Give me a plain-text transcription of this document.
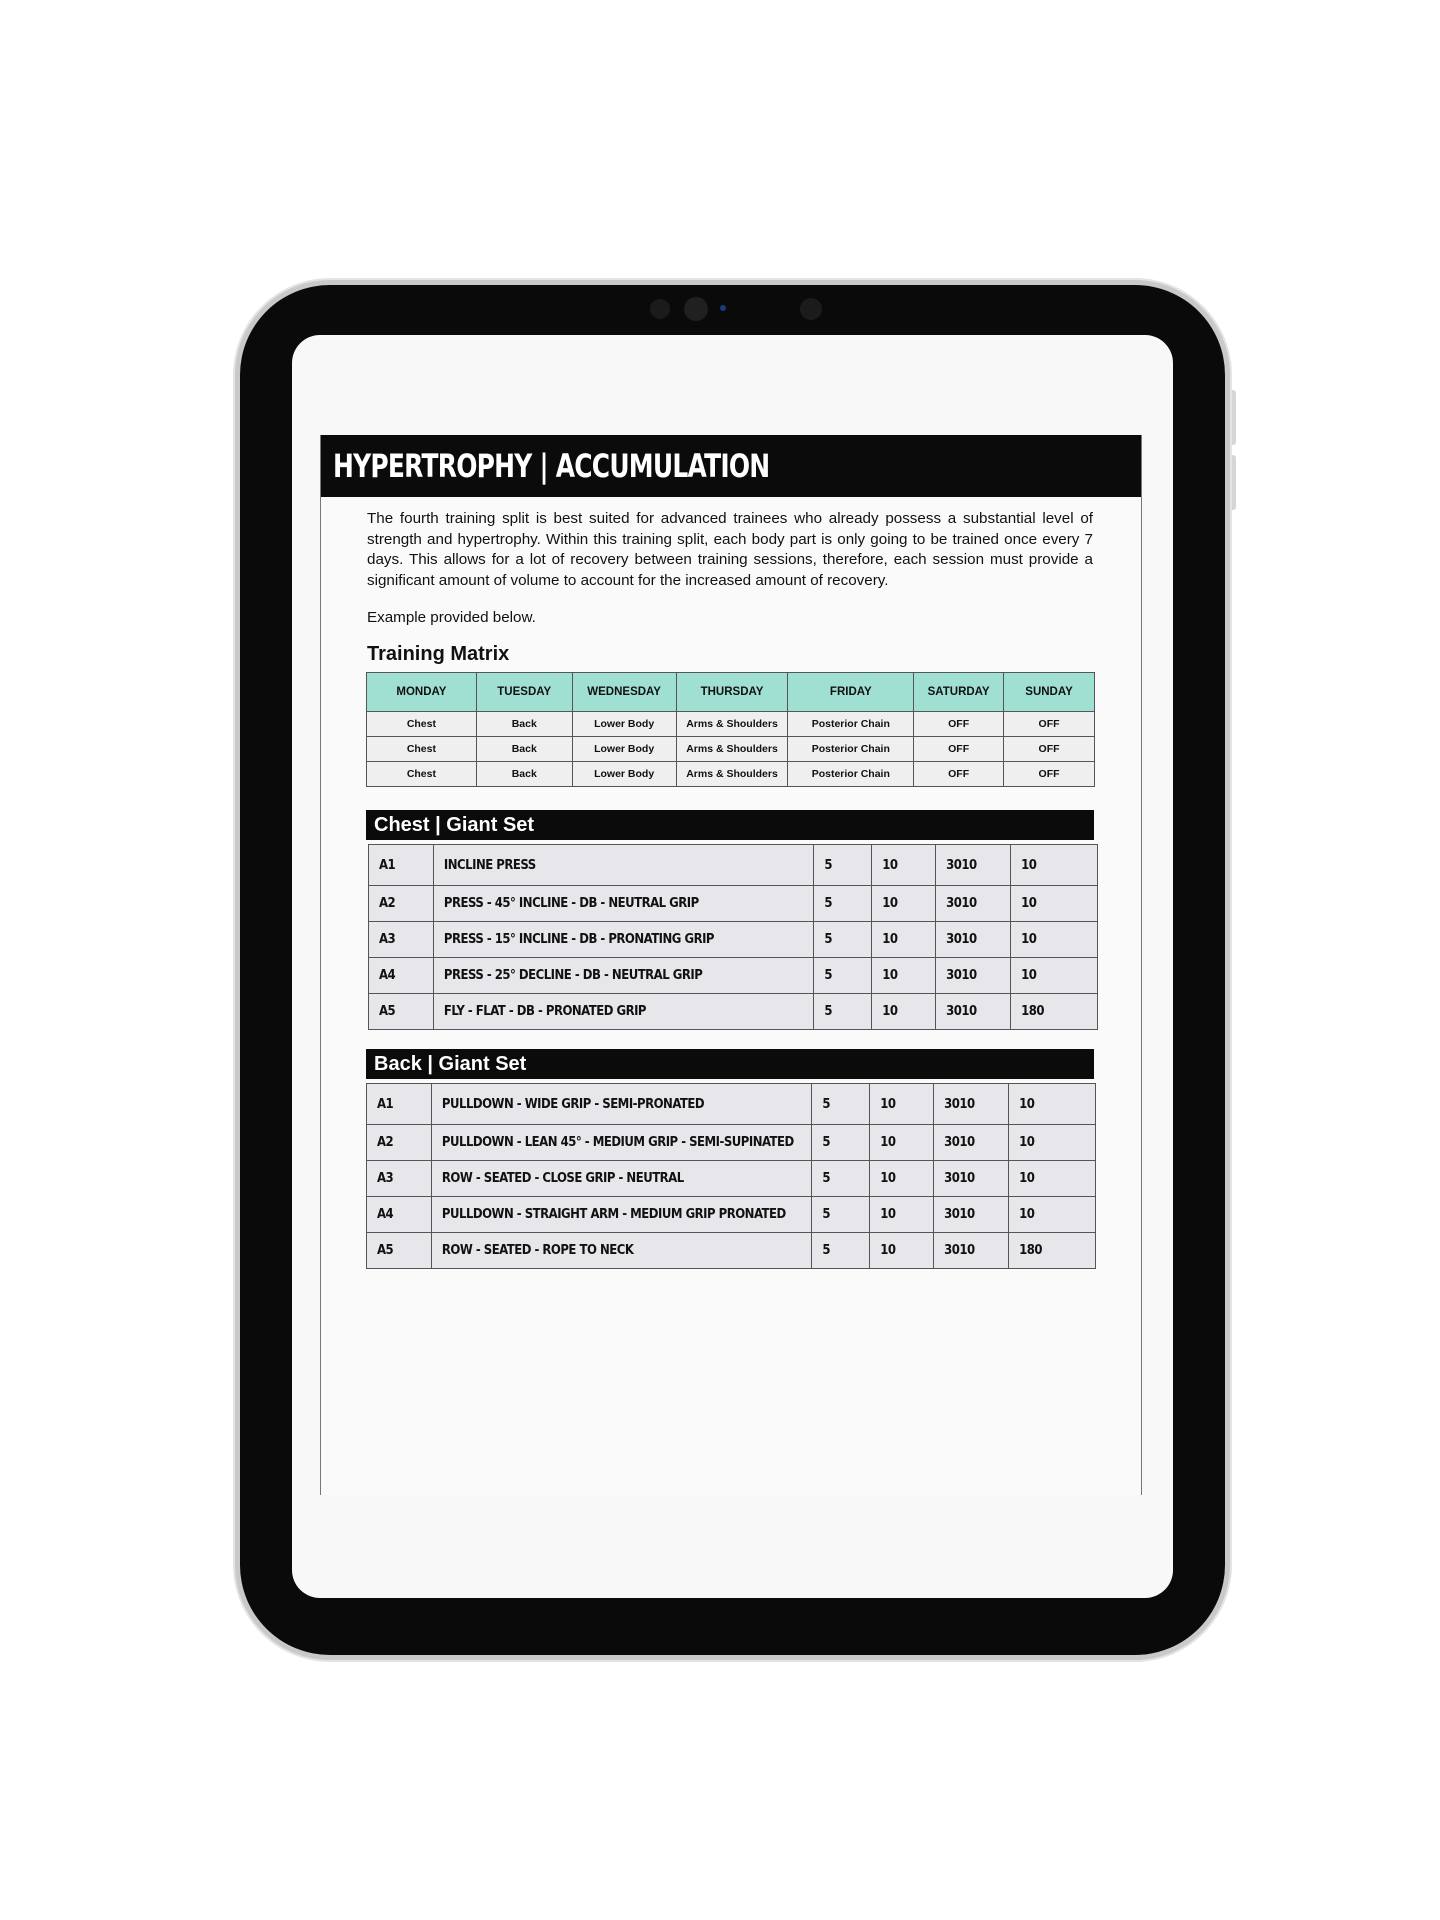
HYPERTROPHY | ACCUMULATION

The fourth training split is best suited for advanced trainees who already possess a substantial level of strength and hypertrophy. Within this training split, each body part is only going to be trained once every 7 days. This allows for a lot of recovery between training sessions, therefore, each session must provide a significant amount of volume to account for the increased amount of recovery.

Example provided below.

Training Matrix
MONDAY	TUESDAY	WEDNESDAY	THURSDAY	FRIDAY	SATURDAY	SUNDAY
Chest	Back	Lower Body	Arms & Shoulders	Posterior Chain	OFF	OFF
Chest	Back	Lower Body	Arms & Shoulders	Posterior Chain	OFF	OFF
Chest	Back	Lower Body	Arms & Shoulders	Posterior Chain	OFF	OFF
Chest | Giant Set
A1	INCLINE PRESS	5	10	3010	10
A2	PRESS - 45° INCLINE - DB - NEUTRAL GRIP	5	10	3010	10
A3	PRESS - 15° INCLINE - DB - PRONATING GRIP	5	10	3010	10
A4	PRESS - 25° DECLINE - DB - NEUTRAL GRIP	5	10	3010	10
A5	FLY - FLAT - DB - PRONATED GRIP	5	10	3010	180
Back | Giant Set
A1	PULLDOWN - WIDE GRIP - SEMI-PRONATED	5	10	3010	10
A2	PULLDOWN - LEAN 45° - MEDIUM GRIP - SEMI-SUPINATED	5	10	3010	10
A3	ROW - SEATED - CLOSE GRIP - NEUTRAL	5	10	3010	10
A4	PULLDOWN - STRAIGHT ARM - MEDIUM GRIP PRONATED	5	10	3010	10
A5	ROW - SEATED - ROPE TO NECK	5	10	3010	180
